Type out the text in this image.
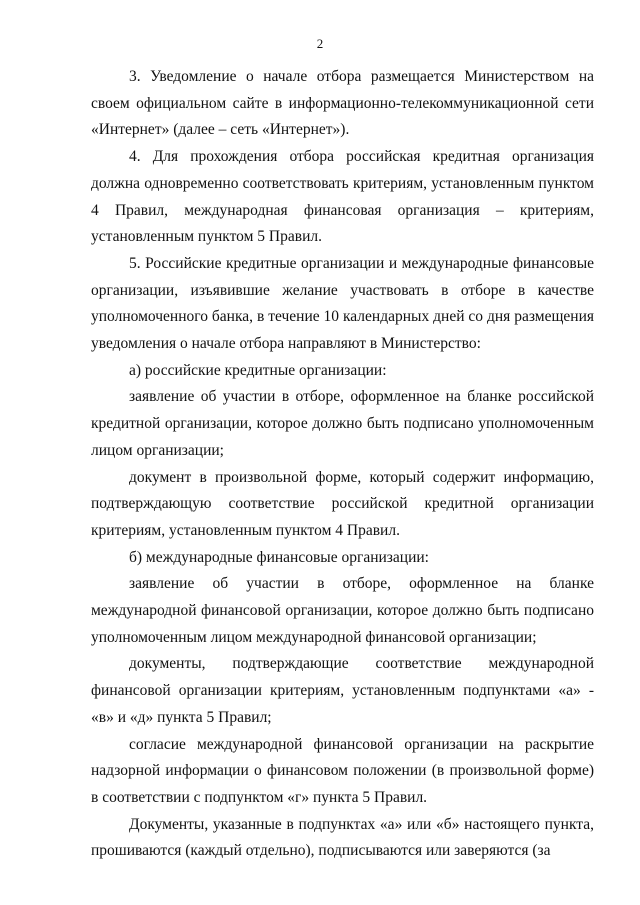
2

3. Уведомление о начале отбора размещается Министерством на своем официальном сайте в информационно-телекоммуникационной сети «Интернет» (далее – сеть «Интернет»).

4. Для прохождения отбора российская кредитная организация должна одновременно соответствовать критериям, установленным пунктом 4 Правил, международная финансовая организация – критериям, установленным пунктом 5 Правил.

5. Российские кредитные организации и международные финансовые организации, изъявившие желание участвовать в отборе в качестве уполномоченного банка, в течение 10 календарных дней со дня размещения уведомления о начале отбора направляют в Министерство:

а) российские кредитные организации:

заявление об участии в отборе, оформленное на бланке российской кредитной организации, которое должно быть подписано уполномоченным лицом организации;

документ в произвольной форме, который содержит информацию, подтверждающую соответствие российской кредитной организации критериям, установленным пунктом 4 Правил.

б) международные финансовые организации:

заявление об участии в отборе, оформленное на бланке международной финансовой организации, которое должно быть подписано уполномоченным лицом международной финансовой организации;

документы, подтверждающие соответствие международной финансовой организации критериям, установленным подпунктами «а» - «в» и «д» пункта 5 Правил;

согласие международной финансовой организации на раскрытие надзорной информации о финансовом положении (в произвольной форме) в соответствии с подпунктом «г» пункта 5 Правил.

Документы, указанные в подпунктах «а» или «б» настоящего пункта, прошиваются (каждый отдельно), подписываются или заверяются (за
